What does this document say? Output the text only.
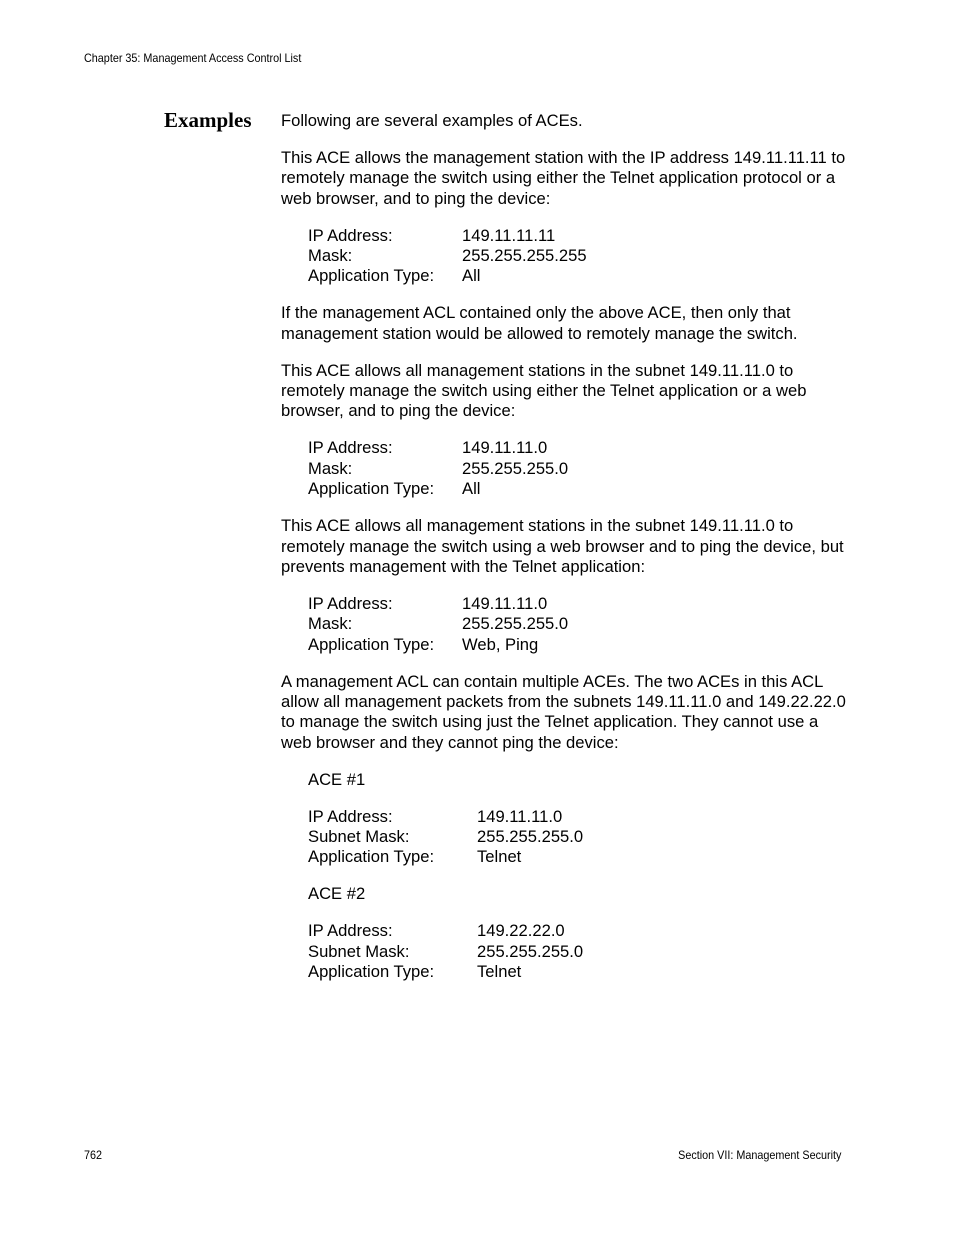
Chapter 35: Management Access Control List
Examples Following are several examples of ACEs.

This ACE allows the management station with the IP address 149.11.11.11 to remotely manage the switch using either the Telnet application protocol or a web browser, and to ping the device:

IP Address:	149.11.11.11
Mask:	255.255.255.255
Application Type:	All

If the management ACL contained only the above ACE, then only that management station would be allowed to remotely manage the switch.

This ACE allows all management stations in the subnet 149.11.11.0 to remotely manage the switch using either the Telnet application or a web browser, and to ping the device:

IP Address:	149.11.11.0
Mask:	255.255.255.0
Application Type:	All

This ACE allows all management stations in the subnet 149.11.11.0 to remotely manage the switch using a web browser and to ping the device, but prevents management with the Telnet application:

IP Address:	149.11.11.0
Mask:	255.255.255.0
Application Type:	Web, Ping

A management ACL can contain multiple ACEs. The two ACEs in this ACL allow all management packets from the subnets 149.11.11.0 and 149.22.22.0 to manage the switch using just the Telnet application. They cannot use a web browser and they cannot ping the device:

ACE #1
IP Address:	149.11.11.0
Subnet Mask:	255.255.255.0
Application Type:	Telnet
ACE #2
IP Address:	149.22.22.0
Subnet Mask:	255.255.255.0
Application Type:	Telnet
762	Section VII: Management Security
